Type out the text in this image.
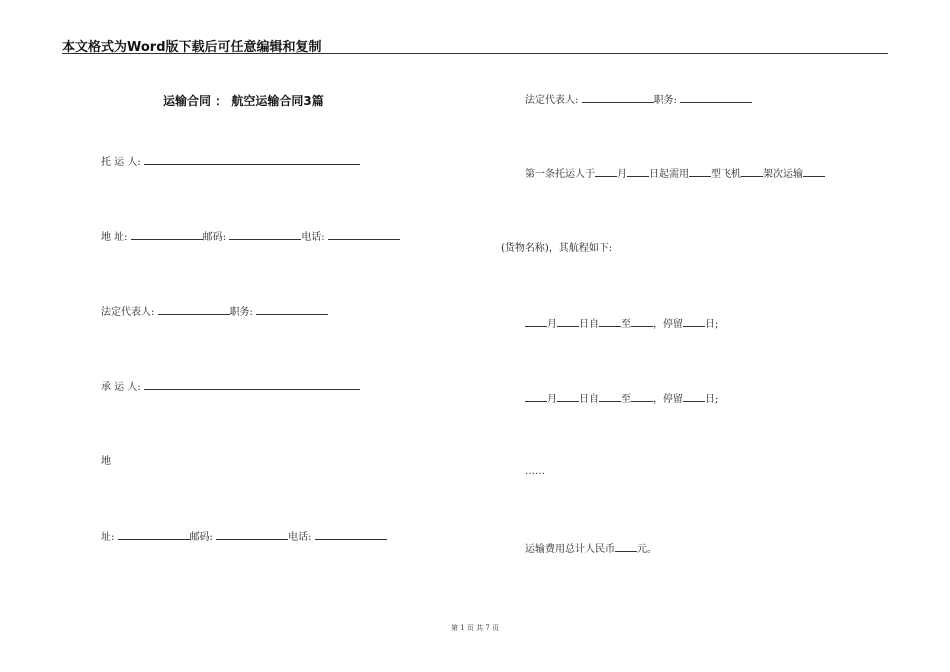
本文格式为Word版下载后可任意编辑和复制
运输合同 ： 航空运输合同3篇
托 运 人:
地 址:	邮码:	电话:
法定代表人:	职务:
承 运 人:
地
址:	邮码:	电话:
法定代表人:	职务:
第一条托运人于 月 日起需用 型飞机 架次运输
(货物名称)，其航程如下:
月 日自 至 ，停留 日;
月 日自 至 ，停留 日;
……
运输费用总计人民币 元。
第 1 页 共 7 页
